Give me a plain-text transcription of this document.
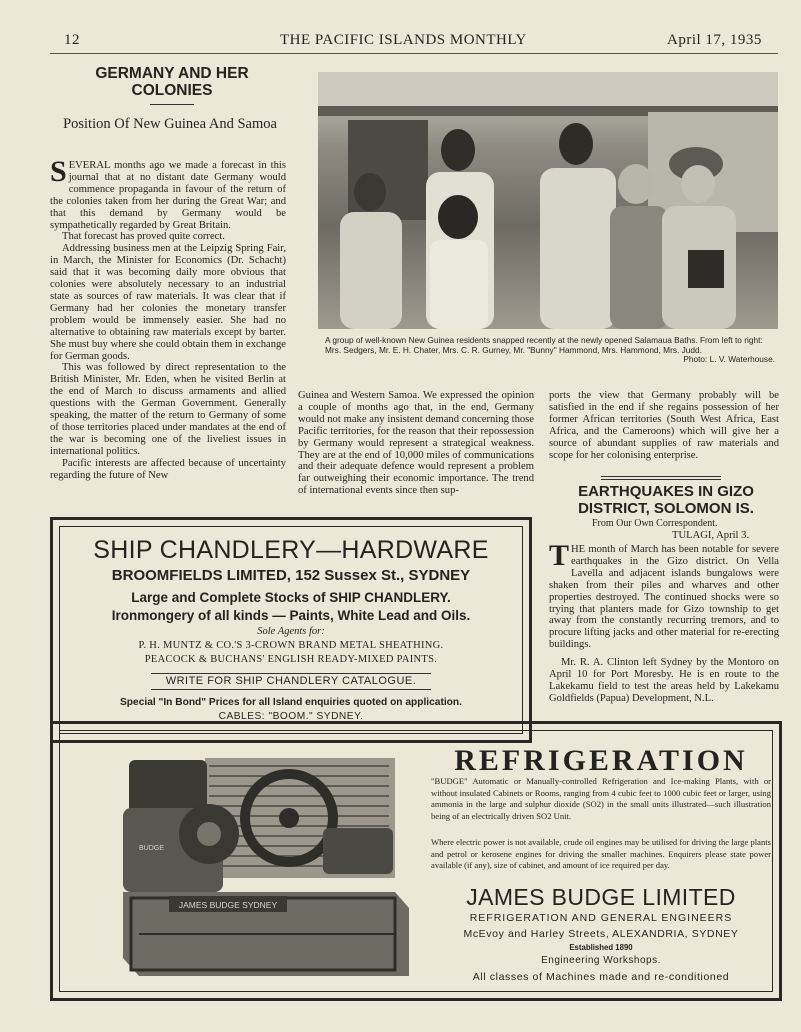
12	THE PACIFIC ISLANDS MONTHLY	April 17, 1935
GERMANY AND HER COLONIES
Position Of New Guinea And Samoa

SEVERAL months ago we made a forecast in this journal that at no distant date Germany would commence propaganda in favour of the return of the colonies taken from her during the Great War; and that this demand by Germany would be sympathetically regarded by Great Britain.

That forecast has proved quite correct.

Addressing business men at the Leipzig Spring Fair, in March, the Minister for Economics (Dr. Schacht) said that it was becoming daily more obvious that colonies were absolutely necessary to an industrial state as sources of raw materials. It was clear that if Germany had her colonies the monetary transfer problem would be immensely easier. She had no alternative to obtaining raw materials except by barter. She must buy where she could obtain them in exchange for German goods.

This was followed by direct representation to the British Minister, Mr. Eden, when he visited Berlin at the end of March to discuss armaments and allied questions with the German Government. Generally speaking, the matter of the return to Germany of some of those territories placed under mandates at the end of the war is becoming one of the liveliest issues in international politics.

Pacific interests are affected because of uncertainty regarding the future of New

A group of well-known New Guinea residents snapped recently at the newly opened Salamaua Baths. From left to right: Mrs. Sedgers, Mr. E. H. Chater, Mrs. C. R. Gurney, Mr. "Bunny" Hammond, Mrs. Hammond, Mrs. Judd.
Photo: L. V. Waterhouse.

Guinea and Western Samoa. We expressed the opinion a couple of months ago that, in the end, Germany would not make any insistent demand concerning those Pacific territories, for the reason that their repossession by Germany would represent a strategical weakness. They are at the end of 10,000 miles of communications and their adequate defence would represent a problem far outweighing their economic importance. The trend of international events since then sup-

ports the view that Germany probably will be satisfied in the end if she regains possession of her former African territories (South West Africa, East Africa, and the Cameroons) which will give her a source of abundant supplies of raw materials and scope for her colonising enterprise.

EARTHQUAKES IN GIZO DISTRICT, SOLOMON IS.
From Our Own Correspondent.
TULAGI, April 3.

THE month of March has been notable for severe earthquakes in the Gizo district. On Vella Lavella and adjacent islands bungalows were shaken from their piles and wharves and other properties destroyed. The continued shocks were so trying that planters made for Gizo township to get away from the constantly recurring tremors, and to procure lifting jacks and other material for re-erecting buildings.

Mr. R. A. Clinton left Sydney by the Montoro on April 10 for Port Moresby. He is en route to the Lakekamu field to test the areas held by Lakekamu Goldfields (Papua) Development, N.L.

SHIP CHANDLERY—HARDWARE
BROOMFIELDS LIMITED, 152 Sussex St., SYDNEY
Large and Complete Stocks of SHIP CHANDLERY.
Ironmongery of all kinds — Paints, White Lead and Oils.
Sole Agents for:
P. H. MUNTZ & CO.'S 3-CROWN BRAND METAL SHEATHING.
PEACOCK & BUCHANS' ENGLISH READY-MIXED PAINTS.
WRITE FOR SHIP CHANDLERY CATALOGUE.
Special "In Bond" Prices for all Island enquiries quoted on application.
CABLES: "BOOM." SYDNEY.
JAMES BUDGE SYDNEY
BUDGE
REFRIGERATION
"BUDGE" Automatic or Manually-controlled Refrigeration and Ice-making Plants, with or without insulated Cabinets or Rooms, ranging from 4 cubic feet to 1000 cubic feet or larger, using ammonia in the large and sulphur dioxide (SO2) in the small units illustrated—such illustration being of an electrically driven SO2 Unit.
Where electric power is not available, crude oil engines may be utilised for driving the large plants and petrol or kerosene engines for driving the smaller machines. Enquirers please state power available (if any), size of cabinet, and amount of ice required per day.
JAMES BUDGE LIMITED
REFRIGERATION AND GENERAL ENGINEERS
McEvoy and Harley Streets, ALEXANDRIA, SYDNEY
Established 1890
Engineering Workshops.
All classes of Machines made and re-conditioned
